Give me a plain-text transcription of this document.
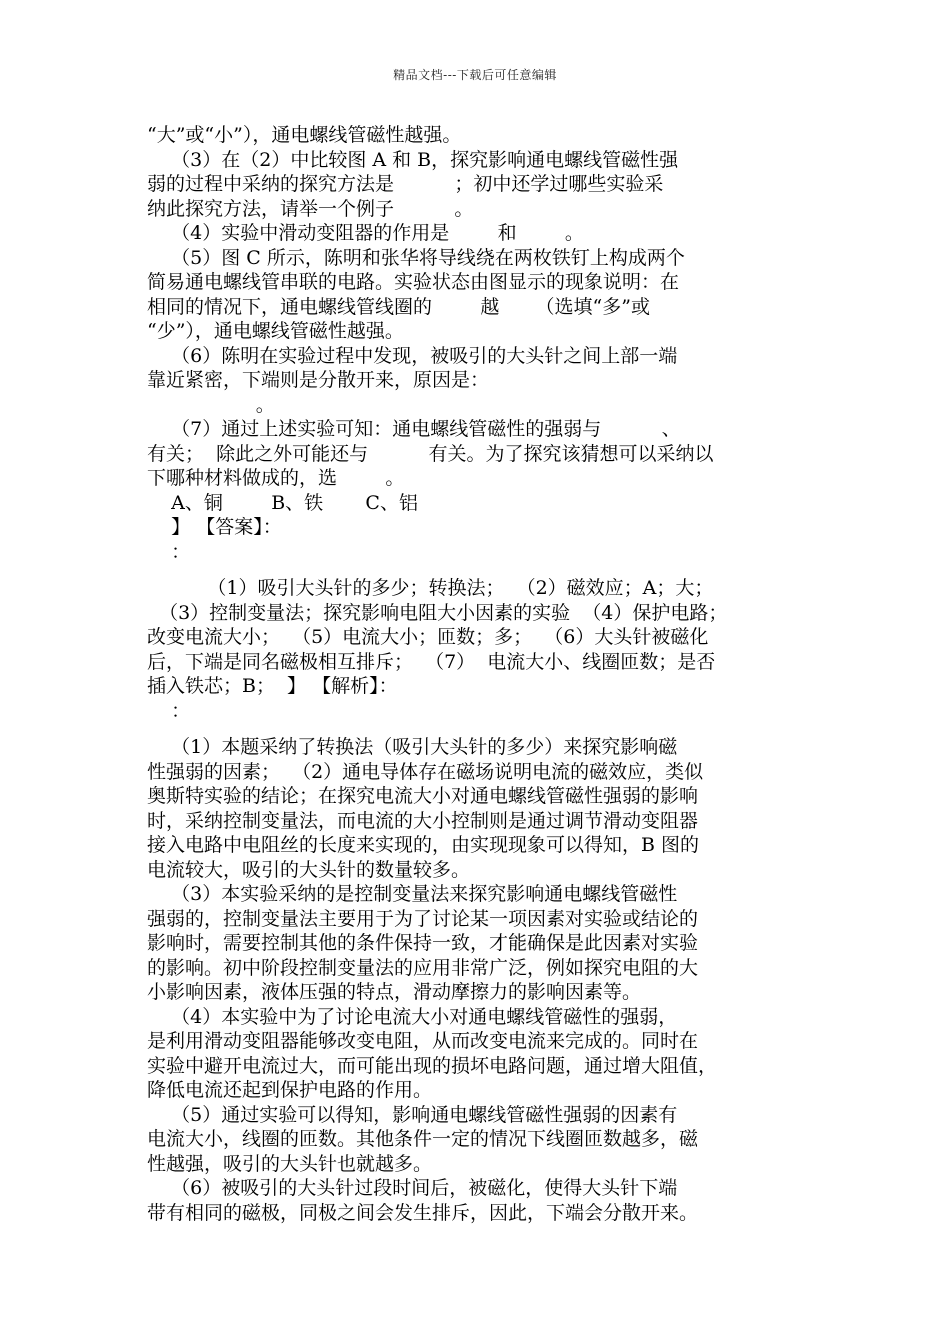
精品文档---下载后可任意编辑
“大”或“小”），通电螺线管磁性越强。
（3）在（2）中比较图 A 和 B，探究影响通电螺线管磁性强
弱的过程中采纳的探究方法是          ；初中还学过哪些实验采
纳此探究方法，请举一个例子          。
（4）实验中滑动变阻器的作用是        和        。
（5）图 C 所示，陈明和张华将导线绕在两枚铁钉上构成两个
简易通电螺线管串联的电路。实验状态由图显示的现象说明：在
相同的情况下，通电螺线管线圈的        越      （选填“多”或
“少”），通电螺线管磁性越强。
（6）陈明在实验过程中发现，被吸引的大头针之间上部一端
靠近紧密，下端则是分散开来，原因是：
。
（7）通过上述实验可知：通电螺线管磁性的强弱与          、
有关；  除此之外可能还与          有关。为了探究该猜想可以采纳以
下哪种材料做成的，选        。
A、铜        B、铁       C、铝
】 【答案】：
：
（1）吸引大头针的多少；转换法；  （2）磁效应；A；大；
（3）控制变量法；探究影响电阻大小因素的实验  （4）保护电路；
改变电流大小；  （5）电流大小；匝数；多；  （6）大头针被磁化
后，下端是同名磁极相互排斥；  （7）  电流大小、线圈匝数；是否
插入铁芯；B；  】 【解析】：
：
（1）本题采纳了转换法（吸引大头针的多少）来探究影响磁
性强弱的因素；  （2）通电导体存在磁场说明电流的磁效应，类似
奥斯特实验的结论；在探究电流大小对通电螺线管磁性强弱的影响
时，采纳控制变量法，而电流的大小控制则是通过调节滑动变阻器
接入电路中电阻丝的长度来实现的，由实现现象可以得知，B 图的
电流较大，吸引的大头针的数量较多。
（3）本实验采纳的是控制变量法来探究影响通电螺线管磁性
强弱的，控制变量法主要用于为了讨论某一项因素对实验或结论的
影响时，需要控制其他的条件保持一致，才能确保是此因素对实验
的影响。初中阶段控制变量法的应用非常广泛，例如探究电阻的大
小影响因素，液体压强的特点，滑动摩擦力的影响因素等。
（4）本实验中为了讨论电流大小对通电螺线管磁性的强弱，
是利用滑动变阻器能够改变电阻，从而改变电流来完成的。同时在
实验中避开电流过大，而可能出现的损坏电路问题，通过增大阻值，
降低电流还起到保护电路的作用。
（5）通过实验可以得知，影响通电螺线管磁性强弱的因素有
电流大小，线圈的匝数。其他条件一定的情况下线圈匝数越多，磁
性越强，吸引的大头针也就越多。
（6）被吸引的大头针过段时间后，被磁化，使得大头针下端
带有相同的磁极，同极之间会发生排斥，因此，下端会分散开来。
